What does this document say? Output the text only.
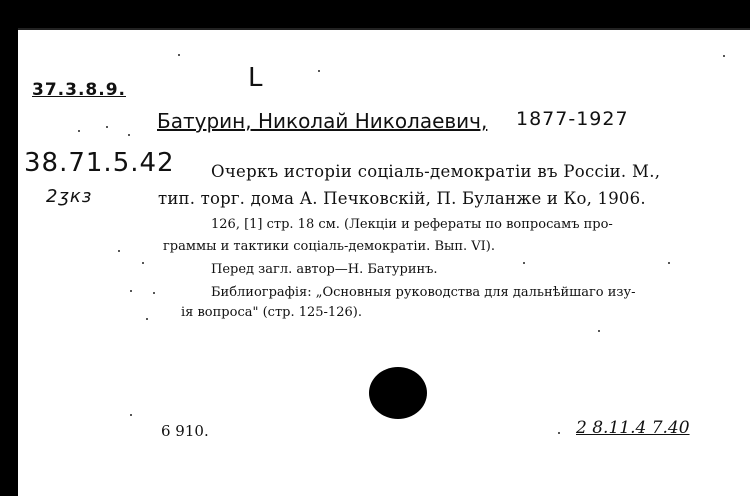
37.3.8.9.	L
Батурин, Николай Николаевич, 1877-1927
38.71.5.42
2ӡкз
Очеркъ исторіи соціаль-демократіи въ Россіи. М.,
тип. торг. дома А. Печковскій, П. Буланже и Ко, 1906.
126, [1] стр. 18 см. (Лекціи и рефераты по вопросамъ про-
граммы и тактики соціаль-демократіи. Вып. VI).
Перед загл. автор—Н. Батуринъ.
Библиографія: „Основныя руководства для дальнѣйшаго изу-
ія вопроса" (стр. 125-126).
6 910.	2 8.11.4 7.40
